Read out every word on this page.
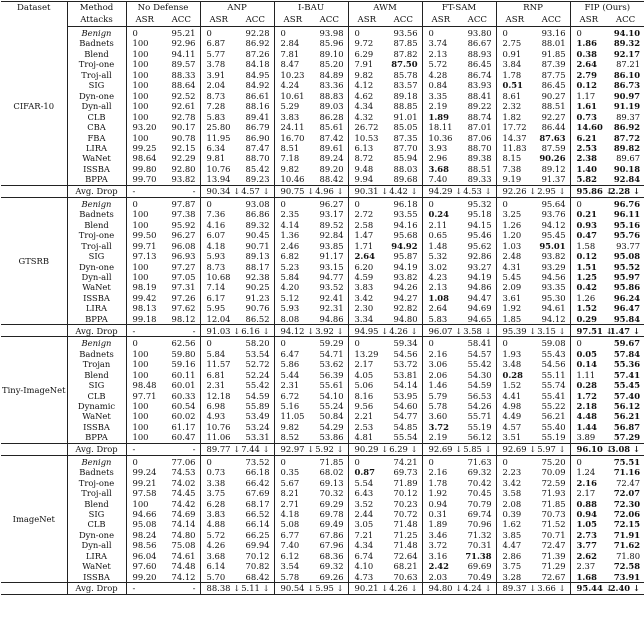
Dataset	Method	No Defense		ANP		I-BAU		AWM		FT-SAM		RNP		FIP (Ours)	
	Attacks	ASR	ACC	ASR	ACC	ASR	ACC	ASR	ACC	ASR	ACC	ASR	ACC	ASR	ACC
CIFAR-10	Benign	0	95.21	0	92.28	0	93.98	0	93.56	0	93.80	0	93.16	0	94.10
	Badnets	100	92.96	6.87	86.92	2.84	85.96	9.72	87.85	3.74	86.67	2.75	88.01	1.86	89.32
	Blend	100	94.11	5.77	87.26	7.81	89.10	6.29	87.82	2.13	88.93	0.91	91.85	0.38	92.17
	Troj-one	100	89.57	3.78	84.18	8.47	85.20	7.91	87.50	5.72	86.45	3.84	87.39	2.64	87.21
	Troj-all	100	88.33	3.91	84.95	10.23	84.89	9.82	85.78	4.28	86.74	1.78	87.75	2.79	86.10
	SIG	100	88.64	2.04	84.92	4.24	83.36	4.12	83.57	0.84	83.93	0.51	86.45	0.12	86.73
	Dyn-one	100	92.52	8.73	86.61	10.61	88.83	4.62	89.18	3.35	88.41	8.61	90.27	1.17	90.97
	Dyn-all	100	92.61	7.28	88.16	5.29	89.03	4.34	88.85	2.19	89.22	2.32	88.51	1.61	91.19
	CLB	100	92.78	5.83	89.41	3.83	86.28	4.32	91.01	1.89	88.74	1.82	92.27	0.73	89.37
	CBA	93.20	90.17	25.80	86.79	24.11	85.61	26.72	85.05	18.11	87.01	17.72	86.44	14.60	86.92
	FBA	100	90.78	11.95	86.90	16.70	87.42	10.53	87.35	10.36	87.06	14.37	87.63	6.21	87.72
	LIRA	99.25	92.15	6.34	87.47	8.51	89.61	6.13	87.70	3.93	88.70	11.83	87.59	2.53	89.82
	WaNet	98.64	92.29	9.81	88.70	7.18	89.24	8.72	85.94	2.96	89.38	8.15	90.26	2.38	89.67
	ISSBA	99.80	92.80	10.76	85.42	9.82	89.20	9.48	88.03	3.68	88.51	7.38	89.12	1.40	90.18
	BPPA	99.70	93.82	13.94	89.23	10.46	88.42	9.94	89.68	7.40	89.33	9.19	91.37	5.82	92.84
	Avg. Drop	-	-	90.34 ↓	4.57 ↓	90.75 ↓	4.96 ↓	90.31 ↓	4.42 ↓	94.29 ↓	4.53 ↓	92.26 ↓	2.95 ↓	95.86 ↓	2.28 ↓
GTSRB	Benign	0	97.87	0	93.08	0	96.27	0	96.18	0	95.32	0	95.64	0	96.76
	Badnets	100	97.38	7.36	86.86	2.35	93.17	2.72	93.55	0.24	95.18	3.25	93.76	0.21	96.11
	Blend	100	95.92	4.16	89.32	4.14	89.52	2.58	94.16	2.11	94.15	1.26	94.12	0.93	95.16
	Troj-one	99.50	96.27	6.07	90.45	1.36	92.84	1.47	95.68	0.65	95.46	1.20	95.45	0.47	95.76
	Troj-all	99.71	96.08	4.18	90.71	2.46	93.85	1.71	94.92	1.48	95.62	1.03	95.01	1.58	93.77
	SIG	97.13	96.93	5.93	89.13	6.82	91.17	2.64	95.87	5.32	92.86	2.48	93.82	0.12	95.08
	Dyn-one	100	97.27	8.73	88.17	5.23	93.15	6.20	94.19	3.02	93.27	4.31	93.29	1.51	95.52
	Dyn-all	100	97.05	10.68	92.38	5.84	94.77	4.59	93.82	4.23	94.19	5.45	94.56	1.25	95.97
	WaNet	98.19	97.31	7.14	90.25	4.20	93.52	3.83	94.26	2.13	94.86	2.09	93.35	0.42	95.86
	ISSBA	99.42	97.26	6.17	91.23	5.12	92.41	3.42	94.27	1.08	94.47	3.61	95.30	1.26	96.24
	LIRA	98.13	97.62	5.95	90.76	5.93	92.31	2.30	92.82	2.64	94.69	1.92	94.61	1.52	96.47
	BPPA	99.18	98.12	12.04	86.52	8.08	94.86	3.34	94.80	5.83	94.65	1.85	94.12	0.29	95.84
	Avg. Drop	-	-	91.03 ↓	6.16 ↓	94.12 ↓	3.92 ↓	94.95 ↓	4.26 ↓	96.07 ↓	3.58 ↓	95.39 ↓	3.15 ↓	97.51 ↓	1.47 ↓
Tiny-ImageNet	Benign	0	62.56	0	58.20	0	59.29	0	59.34	0	58.41	0	59.08	0	59.67
	Badnets	100	59.80	5.84	53.54	6.47	54.71	13.29	54.56	2.16	54.57	1.93	55.43	0.05	57.84
	Trojan	100	59.16	11.57	52.72	5.86	53.62	2.17	53.72	3.06	55.42	3.48	54.56	0.14	55.36
	Blend	100	60.11	6.81	52.24	5.44	56.39	4.05	53.81	2.06	54.30	0.28	55.11	1.11	57.41
	SIG	98.48	60.01	2.31	55.42	2.31	55.61	5.06	54.14	1.46	54.59	1.52	55.74	0.28	55.45
	CLB	97.71	60.33	12.18	54.59	6.72	54.10	8.16	53.95	5.79	56.53	4.41	55.41	1.72	57.40
	Dynamic	100	60.54	6.98	55.89	5.16	55.24	9.56	54.60	5.78	54.26	4.98	55.22	2.18	56.12
	WaNet	100	60.02	4.93	53.49	11.05	50.84	2.21	54.77	3.60	55.71	4.49	56.21	4.48	56.21
	ISSBA	100	61.17	10.76	53.24	9.82	54.29	2.53	54.85	3.72	55.19	4.57	55.40	1.44	56.87
	BPPA	100	60.47	11.06	53.31	8.52	53.86	4.81	55.54	2.19	56.12	3.51	55.19	3.89	57.29
	Avg. Drop	-	-	89.77 ↓	7.44 ↓	92.97 ↓	5.92 ↓	90.29 ↓	6.29 ↓	92.69 ↓	5.85 ↓	92.69 ↓	5.97 ↓	96.10 ↓	3.08 ↓
ImageNet	Benign	0	77.06	0	73.52	0	71.85	0	74.21	0	71.63	0	75.20	0	75.51
	Badnets	99.24	74.53	0.73	66.18	0.35	68.02	0.87	69.73	2.16	69.32	2.23	70.09	1.24	71.16
	Troj-one	99.21	74.02	3.38	66.42	5.67	69.13	5.54	71.89	1.78	70.42	3.42	72.59	2.16	72.47
	Troj-all	97.58	74.45	3.75	67.69	8.21	70.32	6.43	70.12	1.92	70.45	3.58	71.93	2.17	72.07
	Blend	100	74.42	6.28	68.17	2.71	69.29	3.52	70.23	0.94	70.79	2.08	71.85	0.88	72.30
	SIG	94.66	74.69	3.83	66.52	4.18	69.78	2.44	70.72	0.31	69.74	0.39	70.73	0.94	72.06
	CLB	95.08	74.14	4.88	66.14	5.08	69.49	3.05	71.48	1.89	70.96	1.62	71.52	1.05	72.15
	Dyn-one	98.24	74.80	5.72	66.25	6.77	67.86	7.21	71.25	3.46	71.32	3.85	70.71	2.73	71.91
	Dyn-all	98.56	75.08	4.26	69.94	7.40	67.96	4.34	71.48	3.72	70.31	4.47	72.47	3.77	71.62
	LIRA	96.04	74.61	3.68	70.12	6.12	68.36	6.74	72.64	3.16	71.38	2.86	71.39	2.62	71.80
	WaNet	97.60	74.48	6.14	70.82	3.54	69.32	4.10	68.21	2.42	69.69	3.75	71.29	2.37	72.58
	ISSBA	99.20	74.12	5.70	68.42	5.78	69.26	4.73	70.63	2.03	70.49	3.28	72.67	1.68	73.91
	Avg. Drop	-	-	88.38 ↓	5.11 ↓	90.54 ↓	5.95 ↓	90.21 ↓	4.26 ↓	94.80 ↓	4.24 ↓	89.37 ↓	3.66 ↓	95.44 ↓	2.40 ↓
